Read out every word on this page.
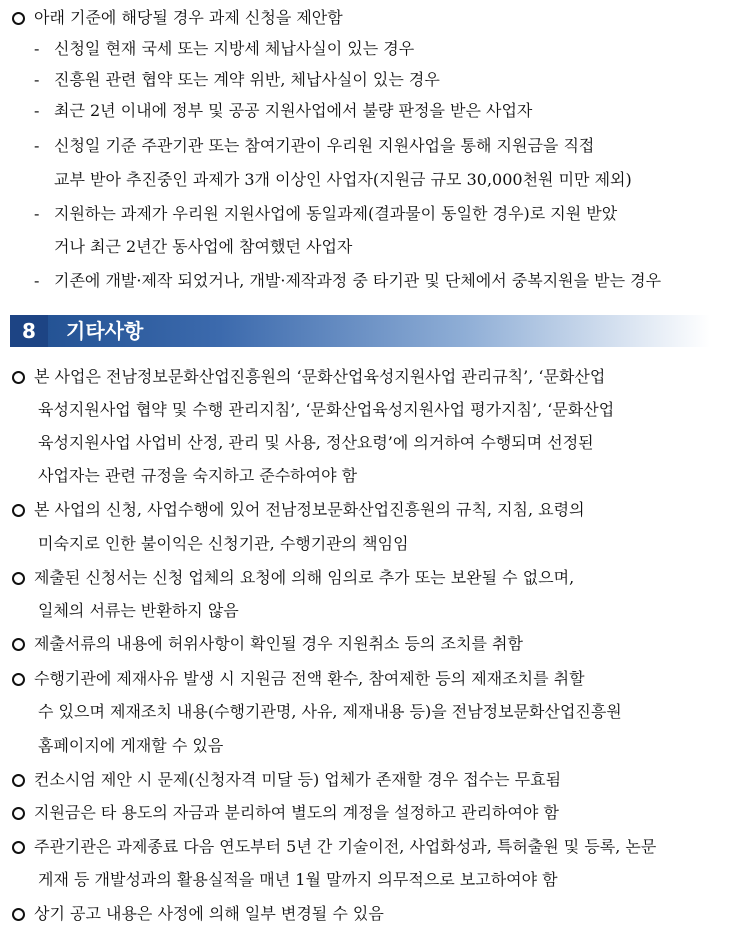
아래 기준에 해당될 경우 과제 신청을 제안함
- 신청일 현재 국세 또는 지방세 체납사실이 있는 경우
- 진흥원 관련 협약 또는 계약 위반, 체납사실이 있는 경우
- 최근 2년 이내에 정부 및 공공 지원사업에서 불량 판정을 받은 사업자
- 신청일 기준 주관기관 또는 참여기관이 우리원 지원사업을 통해 지원금을 직접
교부 받아 추진중인 과제가 3개 이상인 사업자(지원금 규모 30,000천원 미만 제외)
- 지원하는 과제가 우리원 지원사업에 동일과제(결과물이 동일한 경우)로 지원 받았
거나 최근 2년간 동사업에 참여했던 사업자
- 기존에 개발·제작 되었거나, 개발·제작과정 중 타기관 및 단체에서 중복지원을 받는 경우
8	기타사항
본 사업은 전남정보문화산업진흥원의 ‘문화산업육성지원사업 관리규칙’, ‘문화산업
육성지원사업 협약 및 수행 관리지침’, ‘문화산업육성지원사업 평가지침’, ‘문화산업
육성지원사업 사업비 산정, 관리 및 사용, 정산요령’에 의거하여 수행되며 선정된
사업자는 관련 규정을 숙지하고 준수하여야 함
본 사업의 신청, 사업수행에 있어 전남정보문화산업진흥원의 규칙, 지침, 요령의
미숙지로 인한 불이익은 신청기관, 수행기관의 책임임
제출된 신청서는 신청 업체의 요청에 의해 임의로 추가 또는 보완될 수 없으며,
일체의 서류는 반환하지 않음
제출서류의 내용에 허위사항이 확인될 경우 지원취소 등의 조치를 취함
수행기관에 제재사유 발생 시 지원금 전액 환수, 참여제한 등의 제재조치를 취할
수 있으며 제재조치 내용(수행기관명, 사유, 제재내용 등)을 전남정보문화산업진흥원
홈페이지에 게재할 수 있음
컨소시엄 제안 시 문제(신청자격 미달 등) 업체가 존재할 경우 접수는 무효됨
지원금은 타 용도의 자금과 분리하여 별도의 계정을 설정하고 관리하여야 함
주관기관은 과제종료 다음 연도부터 5년 간 기술이전, 사업화성과, 특허출원 및 등록, 논문
게재 등 개발성과의 활용실적을 매년 1월 말까지 의무적으로 보고하여야 함
상기 공고 내용은 사정에 의해 일부 변경될 수 있음
